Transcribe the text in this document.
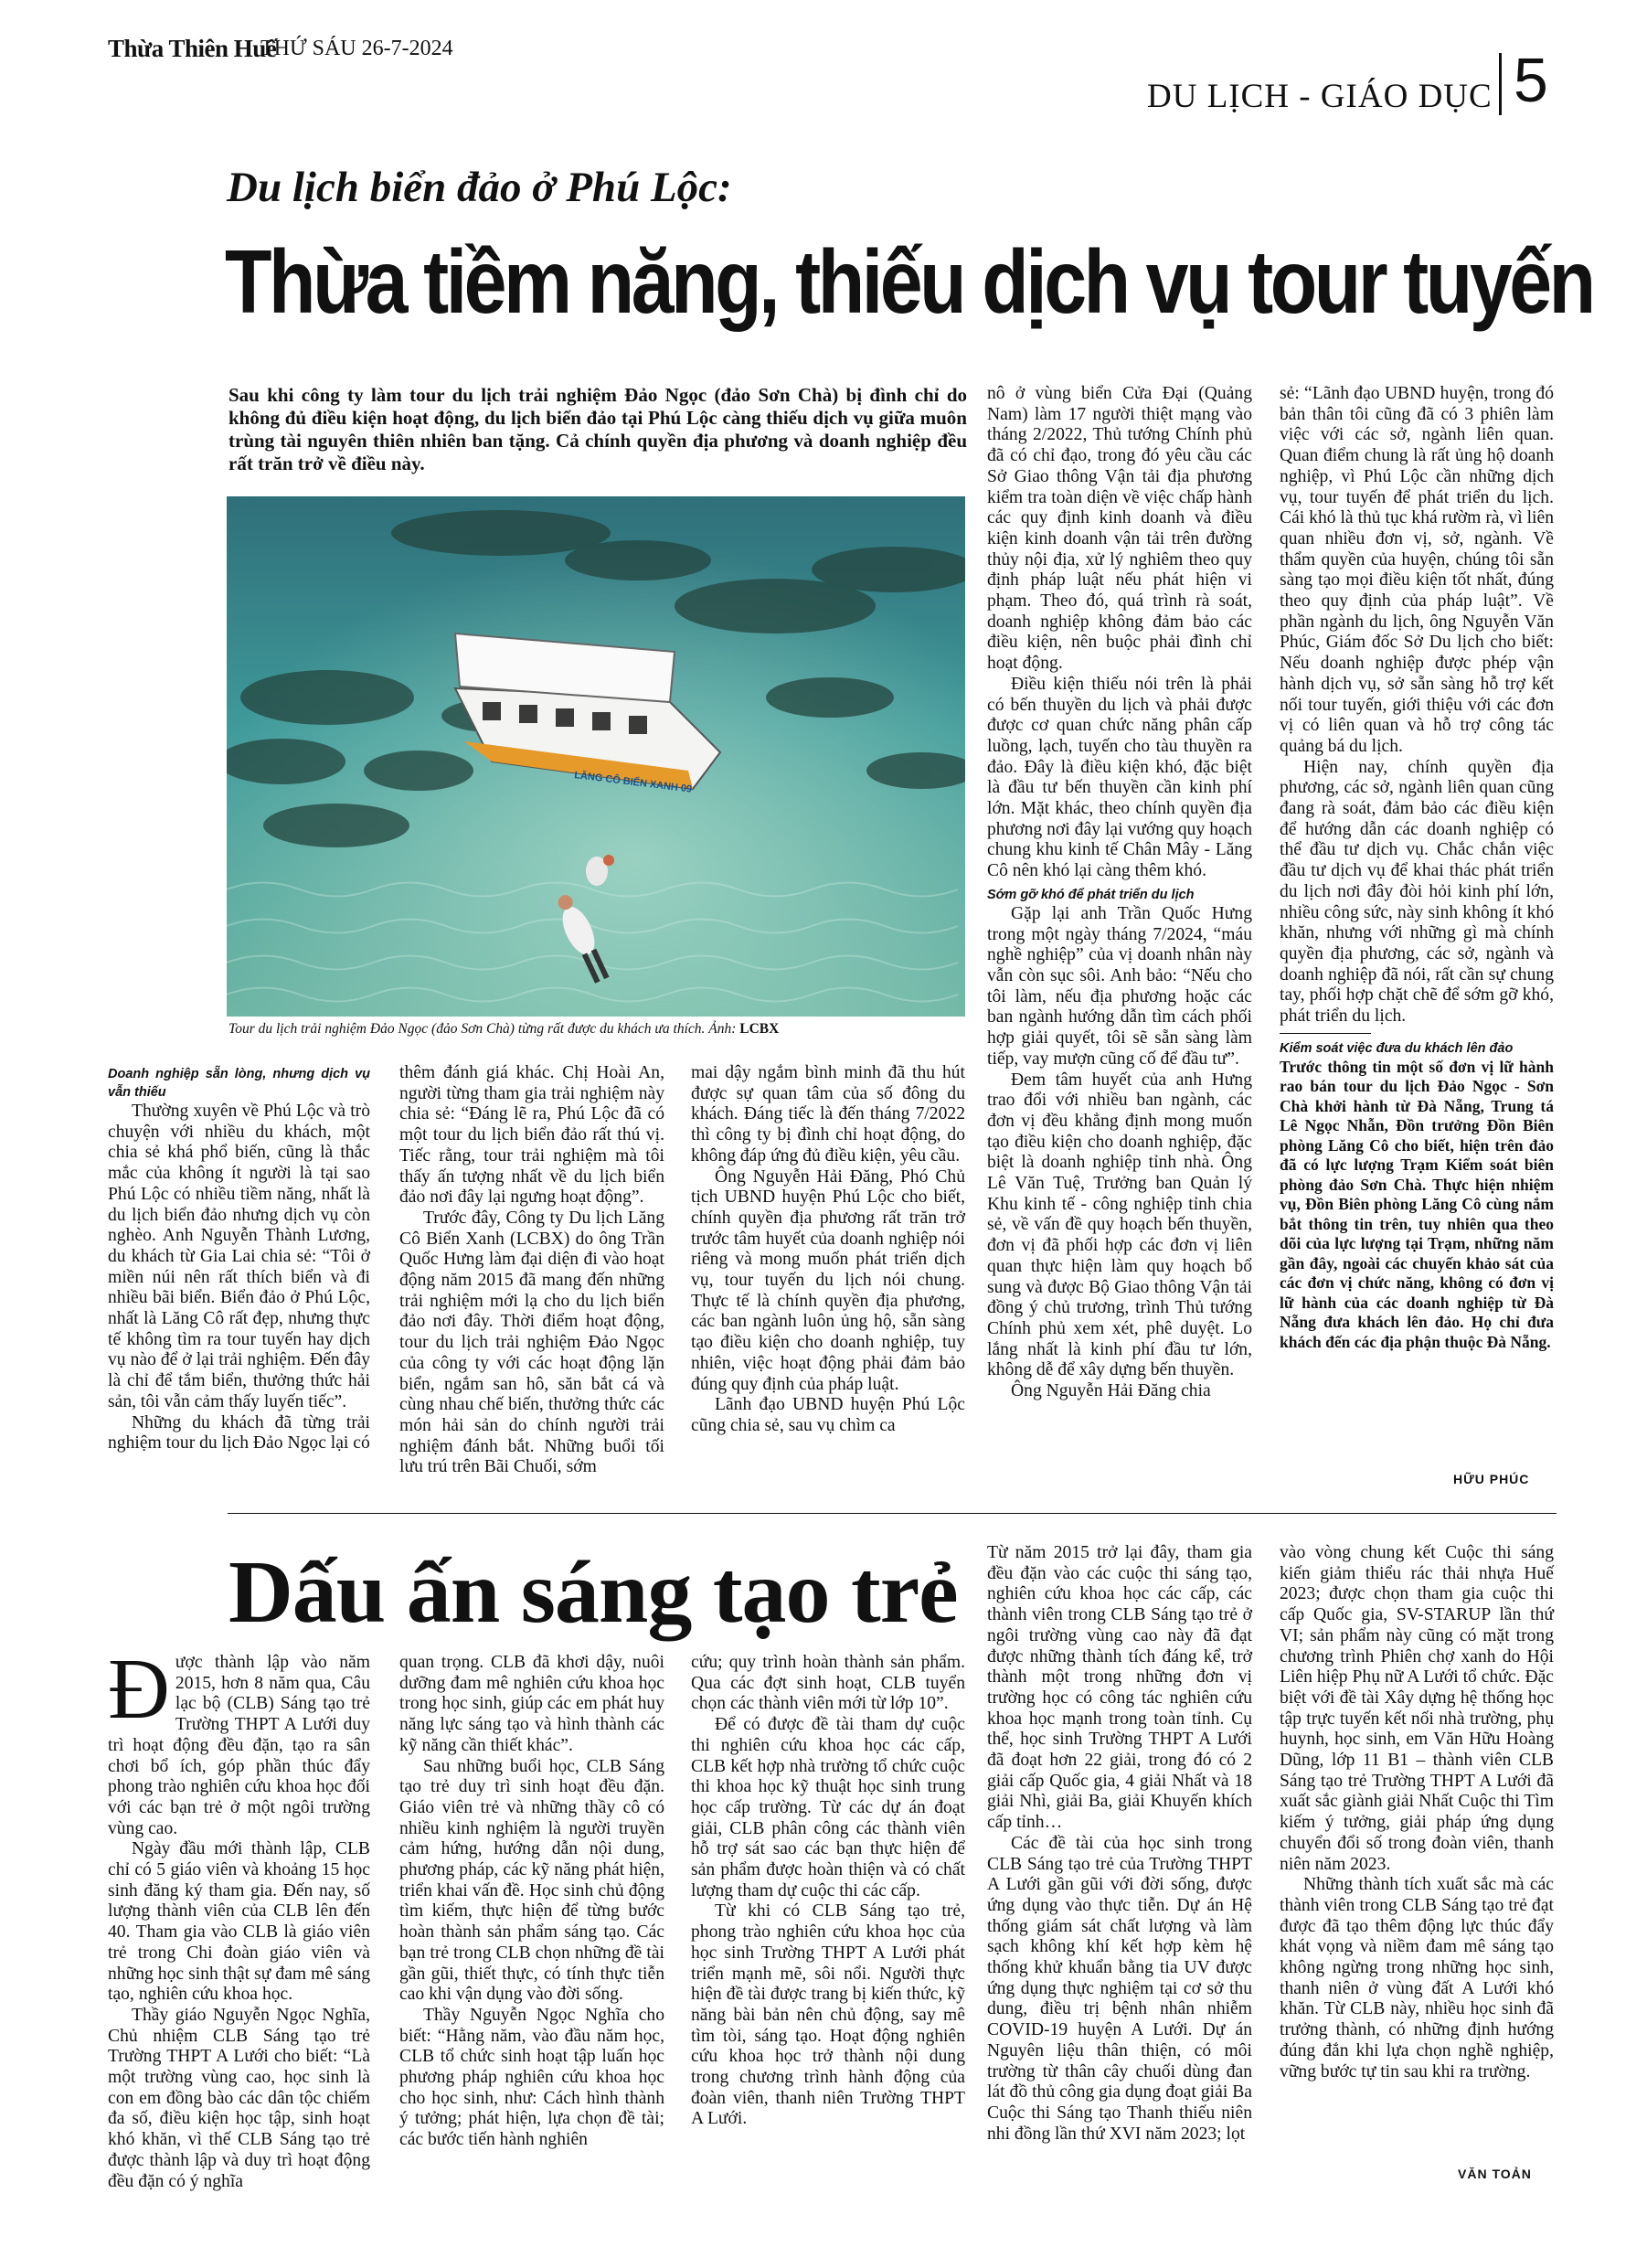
Thừa Thiên Huế
THỨ SÁU 26-7-2024
DU LỊCH - GIÁO DỤC 5
Du lịch biển đảo ở Phú Lộc:
Thừa tiềm năng, thiếu dịch vụ tour tuyến
Sau khi công ty làm tour du lịch trải nghiệm Đảo Ngọc (đảo Sơn Chà) bị đình chỉ do không đủ điều kiện hoạt động, du lịch biển đảo tại Phú Lộc càng thiếu dịch vụ giữa muôn trùng tài nguyên thiên nhiên ban tặng. Cả chính quyền địa phương và doanh nghiệp đều rất trăn trở về điều này.
LĂNG CÔ BIỂN XANH 09
Tour du lịch trải nghiệm Đảo Ngọc (đảo Sơn Chà) từng rất được du khách ưa thích. Ảnh: LCBX
Doanh nghiệp sẵn lòng, nhưng dịch vụ vẫn thiếu

Thường xuyên về Phú Lộc và trò chuyện với nhiều du khách, một chia sẻ khá phổ biến, cũng là thắc mắc của không ít người là tại sao Phú Lộc có nhiều tiềm năng, nhất là du lịch biển đảo nhưng dịch vụ còn nghèo. Anh Nguyễn Thành Lương, du khách từ Gia Lai chia sẻ: “Tôi ở miền núi nên rất thích biển và đi nhiều bãi biển. Biển đảo ở Phú Lộc, nhất là Lăng Cô rất đẹp, nhưng thực tế không tìm ra tour tuyến hay dịch vụ nào để ở lại trải nghiệm. Đến đây là chỉ để tắm biển, thưởng thức hải sản, tôi vẫn cảm thấy luyến tiếc”.

Những du khách đã từng trải nghiệm tour du lịch Đảo Ngọc lại có

thêm đánh giá khác. Chị Hoài An, người từng tham gia trải nghiệm này chia sẻ: “Đáng lẽ ra, Phú Lộc đã có một tour du lịch biển đảo rất thú vị. Tiếc rằng, tour trải nghiệm mà tôi thấy ấn tượng nhất về du lịch biển đảo nơi đây lại ngưng hoạt động”.

Trước đây, Công ty Du lịch Lăng Cô Biển Xanh (LCBX) do ông Trần Quốc Hưng làm đại diện đi vào hoạt động năm 2015 đã mang đến những trải nghiệm mới lạ cho du lịch biển đảo nơi đây. Thời điểm hoạt động, tour du lịch trải nghiệm Đảo Ngọc của công ty với các hoạt động lặn biển, ngắm san hô, săn bắt cá và cùng nhau chế biến, thưởng thức các món hải sản do chính người trải nghiệm đánh bắt. Những buổi tối lưu trú trên Bãi Chuối, sớm

mai dậy ngắm bình minh đã thu hút được sự quan tâm của số đông du khách. Đáng tiếc là đến tháng 7/2022 thì công ty bị đình chỉ hoạt động, do không đáp ứng đủ điều kiện, yêu cầu.

Ông Nguyễn Hải Đăng, Phó Chủ tịch UBND huyện Phú Lộc cho biết, chính quyền địa phương rất trăn trở trước tâm huyết của doanh nghiệp nói riêng và mong muốn phát triển dịch vụ, tour tuyến du lịch nói chung. Thực tế là chính quyền địa phương, các ban ngành luôn ủng hộ, sẵn sàng tạo điều kiện cho doanh nghiệp, tuy nhiên, việc hoạt động phải đảm bảo đúng quy định của pháp luật.

Lãnh đạo UBND huyện Phú Lộc cũng chia sẻ, sau vụ chìm ca

nô ở vùng biển Cửa Đại (Quảng Nam) làm 17 người thiệt mạng vào tháng 2/2022, Thủ tướng Chính phủ đã có chỉ đạo, trong đó yêu cầu các Sở Giao thông Vận tải địa phương kiểm tra toàn diện về việc chấp hành các quy định kinh doanh và điều kiện kinh doanh vận tải trên đường thủy nội địa, xử lý nghiêm theo quy định pháp luật nếu phát hiện vi phạm. Theo đó, quá trình rà soát, doanh nghiệp không đảm bảo các điều kiện, nên buộc phải đình chỉ hoạt động.

Điều kiện thiếu nói trên là phải có bến thuyền du lịch và phải được được cơ quan chức năng phân cấp luồng, lạch, tuyến cho tàu thuyền ra đảo. Đây là điều kiện khó, đặc biệt là đầu tư bến thuyền cần kinh phí lớn. Mặt khác, theo chính quyền địa phương nơi đây lại vướng quy hoạch chung khu kinh tế Chân Mây - Lăng Cô nên khó lại càng thêm khó.

Sớm gỡ khó để phát triển du lịch

Gặp lại anh Trần Quốc Hưng trong một ngày tháng 7/2024, “máu nghề nghiệp” của vị doanh nhân này vẫn còn sục sôi. Anh bảo: “Nếu cho tôi làm, nếu địa phương hoặc các ban ngành hướng dẫn tìm cách phối hợp giải quyết, tôi sẽ sẵn sàng làm tiếp, vay mượn cũng cố để đầu tư”.

Đem tâm huyết của anh Hưng trao đổi với nhiều ban ngành, các đơn vị đều khẳng định mong muốn tạo điều kiện cho doanh nghiệp, đặc biệt là doanh nghiệp tỉnh nhà. Ông Lê Văn Tuệ, Trưởng ban Quản lý Khu kinh tế - công nghiệp tỉnh chia sẻ, về vấn đề quy hoạch bến thuyền, đơn vị đã phối hợp các đơn vị liên quan thực hiện làm quy hoạch bổ sung và được Bộ Giao thông Vận tải đồng ý chủ trương, trình Thủ tướng Chính phủ xem xét, phê duyệt. Lo lắng nhất là kinh phí đầu tư lớn, không dễ để xây dựng bến thuyền.

Ông Nguyễn Hải Đăng chia

sẻ: “Lãnh đạo UBND huyện, trong đó bản thân tôi cũng đã có 3 phiên làm việc với các sở, ngành liên quan. Quan điểm chung là rất ủng hộ doanh nghiệp, vì Phú Lộc cần những dịch vụ, tour tuyến để phát triển du lịch. Cái khó là thủ tục khá rườm rà, vì liên quan nhiều đơn vị, sở, ngành. Về thẩm quyền của huyện, chúng tôi sẵn sàng tạo mọi điều kiện tốt nhất, đúng theo quy định của pháp luật”. Về phần ngành du lịch, ông Nguyễn Văn Phúc, Giám đốc Sở Du lịch cho biết: Nếu doanh nghiệp được phép vận hành dịch vụ, sở sẵn sàng hỗ trợ kết nối tour tuyến, giới thiệu với các đơn vị có liên quan và hỗ trợ công tác quảng bá du lịch.

Hiện nay, chính quyền địa phương, các sở, ngành liên quan cũng đang rà soát, đảm bảo các điều kiện để hướng dẫn các doanh nghiệp có thể đầu tư dịch vụ. Chắc chắn việc đầu tư dịch vụ để khai thác phát triển du lịch nơi đây đòi hỏi kinh phí lớn, nhiều công sức, này sinh không ít khó khăn, nhưng với những gì mà chính quyền địa phương, các sở, ngành và doanh nghiệp đã nói, rất cần sự chung tay, phối hợp chặt chẽ để sớm gỡ khó, phát triển du lịch.

Kiểm soát việc đưa du khách lên đảo
Trước thông tin một số đơn vị lữ hành rao bán tour du lịch Đảo Ngọc - Sơn Chà khởi hành từ Đà Nẵng, Trung tá Lê Ngọc Nhẫn, Đồn trưởng Đồn Biên phòng Lăng Cô cho biết, hiện trên đảo đã có lực lượng Trạm Kiểm soát biên phòng đảo Sơn Chà. Thực hiện nhiệm vụ, Đồn Biên phòng Lăng Cô cùng nắm bắt thông tin trên, tuy nhiên qua theo dõi của lực lượng tại Trạm, những năm gần đây, ngoài các chuyến khảo sát của các đơn vị chức năng, không có đơn vị lữ hành của các doanh nghiệp từ Đà Nẵng đưa khách lên đảo. Họ chỉ đưa khách đến các địa phận thuộc Đà Nẵng.
HỮU PHÚC
Dấu ấn sáng tạo trẻ

Được thành lập vào năm 2015, hơn 8 năm qua, Câu lạc bộ (CLB) Sáng tạo trẻ Trường THPT A Lưới duy trì hoạt động đều đặn, tạo ra sân chơi bổ ích, góp phần thúc đẩy phong trào nghiên cứu khoa học đối với các bạn trẻ ở một ngôi trường vùng cao.

Ngày đầu mới thành lập, CLB chỉ có 5 giáo viên và khoảng 15 học sinh đăng ký tham gia. Đến nay, số lượng thành viên của CLB lên đến 40. Tham gia vào CLB là giáo viên trẻ trong Chi đoàn giáo viên và những học sinh thật sự đam mê sáng tạo, nghiên cứu khoa học.

Thầy giáo Nguyễn Ngọc Nghĩa, Chủ nhiệm CLB Sáng tạo trẻ Trường THPT A Lưới cho biết: “Là một trường vùng cao, học sinh là con em đồng bào các dân tộc chiếm đa số, điều kiện học tập, sinh hoạt khó khăn, vì thế CLB Sáng tạo trẻ được thành lập và duy trì hoạt động đều đặn có ý nghĩa

quan trọng. CLB đã khơi dậy, nuôi dưỡng đam mê nghiên cứu khoa học trong học sinh, giúp các em phát huy năng lực sáng tạo và hình thành các kỹ năng cần thiết khác”.

Sau những buổi học, CLB Sáng tạo trẻ duy trì sinh hoạt đều đặn. Giáo viên trẻ và những thầy cô có nhiều kinh nghiệm là người truyền cảm hứng, hướng dẫn nội dung, phương pháp, các kỹ năng phát hiện, triển khai vấn đề. Học sinh chủ động tìm kiếm, thực hiện để từng bước hoàn thành sản phẩm sáng tạo. Các bạn trẻ trong CLB chọn những đề tài gần gũi, thiết thực, có tính thực tiễn cao khi vận dụng vào đời sống.

Thầy Nguyễn Ngọc Nghĩa cho biết: “Hằng năm, vào đầu năm học, CLB tổ chức sinh hoạt tập luấn học phương pháp nghiên cứu khoa học cho học sinh, như: Cách hình thành ý tưởng; phát hiện, lựa chọn đề tài; các bước tiến hành nghiên

cứu; quy trình hoàn thành sản phẩm. Qua các đợt sinh hoạt, CLB tuyển chọn các thành viên mới từ lớp 10”.

Để có được đề tài tham dự cuộc thi nghiên cứu khoa học các cấp, CLB kết hợp nhà trường tổ chức cuộc thi khoa học kỹ thuật học sinh trung học cấp trường. Từ các dự án đoạt giải, CLB phân công các thành viên hỗ trợ sát sao các bạn thực hiện để sản phẩm được hoàn thiện và có chất lượng tham dự cuộc thi các cấp.

Từ khi có CLB Sáng tạo trẻ, phong trào nghiên cứu khoa học của học sinh Trường THPT A Lưới phát triển mạnh mẽ, sôi nổi. Người thực hiện đề tài được trang bị kiến thức, kỹ năng bài bản nên chủ động, say mê tìm tòi, sáng tạo. Hoạt động nghiên cứu khoa học trở thành nội dung trong chương trình hành động của đoàn viên, thanh niên Trường THPT A Lưới.

Từ năm 2015 trở lại đây, tham gia đều đặn vào các cuộc thi sáng tạo, nghiên cứu khoa học các cấp, các thành viên trong CLB Sáng tạo trẻ ở ngôi trường vùng cao này đã đạt được những thành tích đáng kể, trở thành một trong những đơn vị trường học có công tác nghiên cứu khoa học mạnh trong toàn tỉnh. Cụ thể, học sinh Trường THPT A Lưới đã đoạt hơn 22 giải, trong đó có 2 giải cấp Quốc gia, 4 giải Nhất và 18 giải Nhì, giải Ba, giải Khuyến khích cấp tỉnh…

Các đề tài của học sinh trong CLB Sáng tạo trẻ của Trường THPT A Lưới gần gũi với đời sống, được ứng dụng vào thực tiễn. Dự án Hệ thống giám sát chất lượng và làm sạch không khí kết hợp kèm hệ thống khử khuẩn bằng tia UV được ứng dụng thực nghiệm tại cơ sở thu dung, điều trị bệnh nhân nhiễm COVID-19 huyện A Lưới. Dự án Nguyên liệu thân thiện, có môi trường từ thân cây chuối dùng đan lát đồ thủ công gia dụng đoạt giải Ba Cuộc thi Sáng tạo Thanh thiếu niên nhi đồng lần thứ XVI năm 2023; lọt

vào vòng chung kết Cuộc thi sáng kiến giảm thiểu rác thải nhựa Huế 2023; được chọn tham gia cuộc thi cấp Quốc gia, SV-STARUP lần thứ VI; sản phẩm này cũng có mặt trong chương trình Phiên chợ xanh do Hội Liên hiệp Phụ nữ A Lưới tổ chức. Đặc biệt với đề tài Xây dựng hệ thống học tập trực tuyến kết nối nhà trường, phụ huynh, học sinh, em Văn Hữu Hoàng Dũng, lớp 11 B1 – thành viên CLB Sáng tạo trẻ Trường THPT A Lưới đã xuất sắc giành giải Nhất Cuộc thi Tìm kiếm ý tưởng, giải pháp ứng dụng chuyển đổi số trong đoàn viên, thanh niên năm 2023.

Những thành tích xuất sắc mà các thành viên trong CLB Sáng tạo trẻ đạt được đã tạo thêm động lực thúc đẩy khát vọng và niềm đam mê sáng tạo không ngừng trong những học sinh, thanh niên ở vùng đất A Lưới khó khăn. Từ CLB này, nhiều học sinh đã trưởng thành, có những định hướng đúng đắn khi lựa chọn nghề nghiệp, vững bước tự tin sau khi ra trường.

VĂN TOẢN
